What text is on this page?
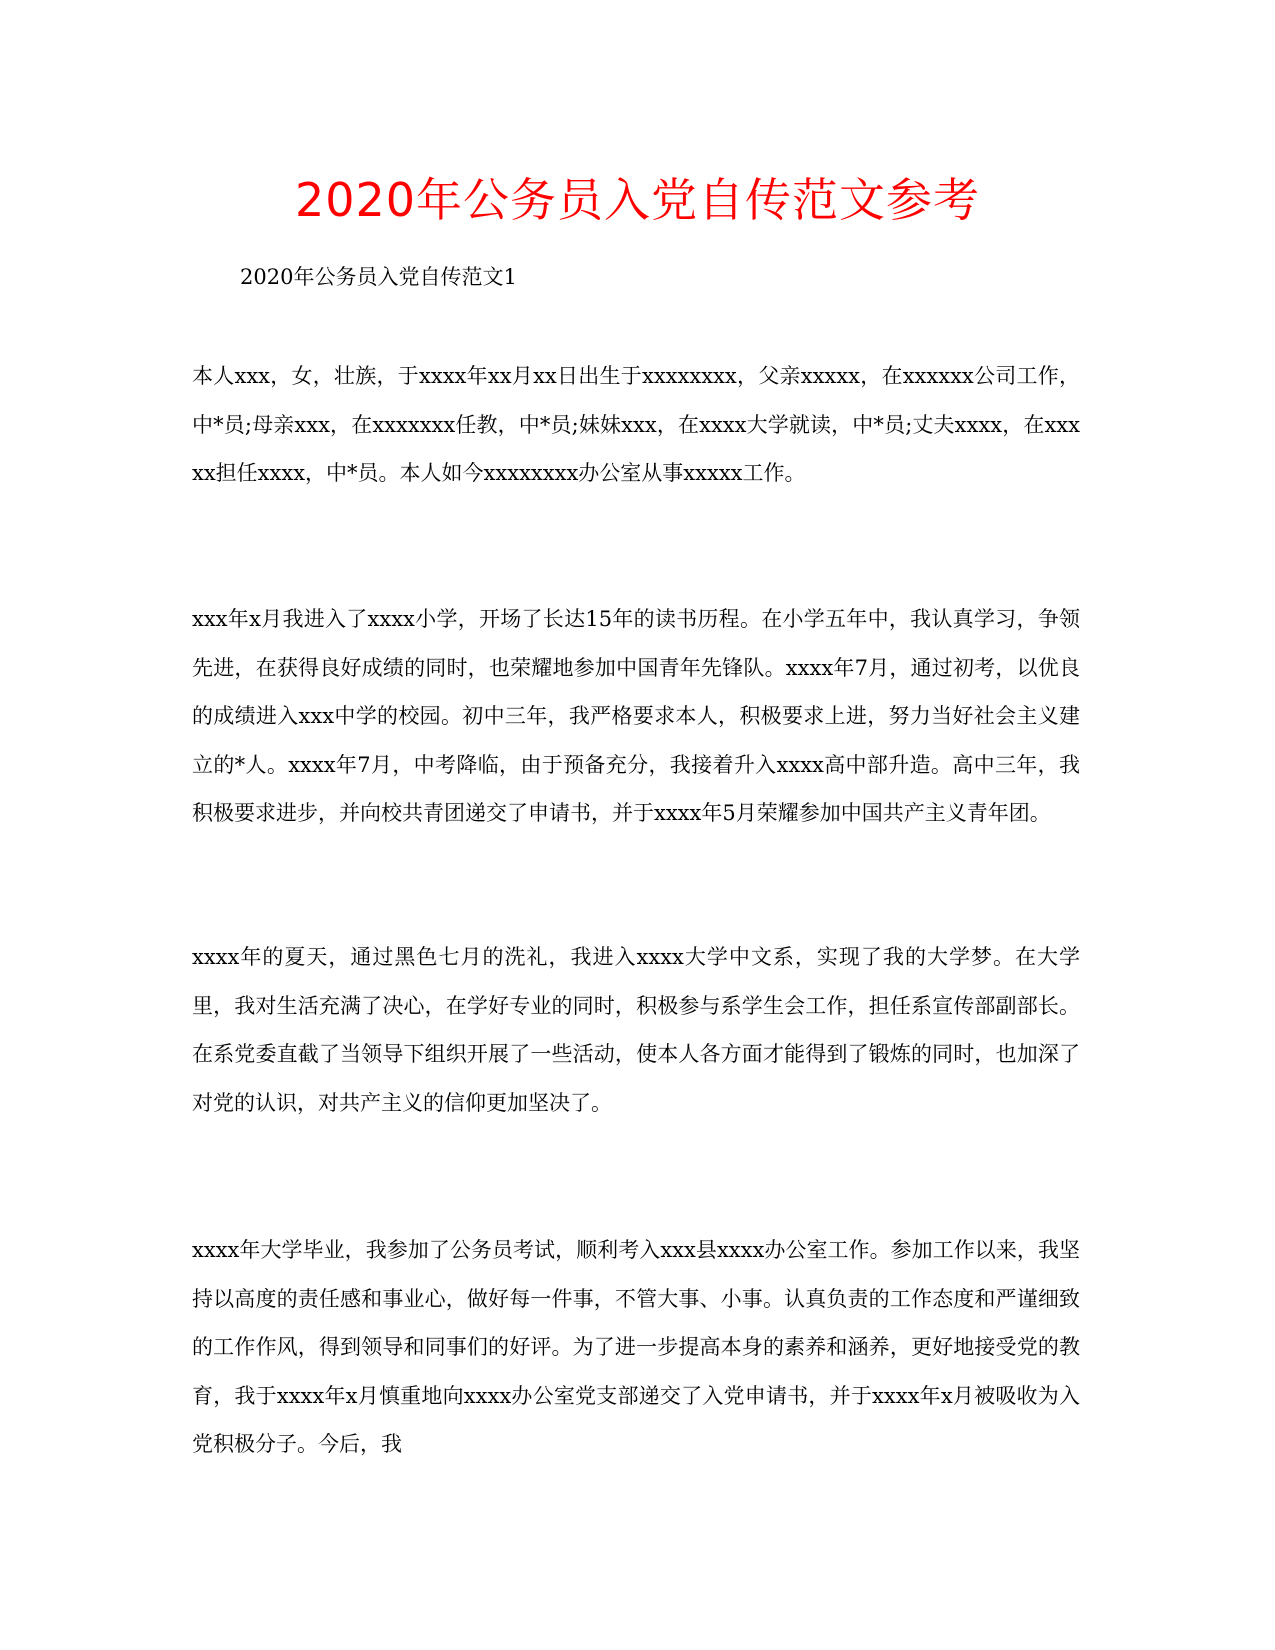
2020年公务员入党自传范文参考

2020年公务员入党自传范文1

本人xxx，女，壮族，于xxxx年xx月xx日出生于xxxxxxxx，父亲xxxxx，在xxxxxx公司工作，中*员;母亲xxx，在xxxxxxx任教，中*员;妹妹xxx，在xxxx大学就读，中*员;丈夫xxxx，在xxxxx担任xxxx，中*员。本人如今xxxxxxxx办公室从事xxxxx工作。

xxx年x月我进入了xxxx小学，开场了长达15年的读书历程。在小学五年中，我认真学习，争领先进，在获得良好成绩的同时，也荣耀地参加中国青年先锋队。xxxx年7月，通过初考，以优良的成绩进入xxx中学的校园。初中三年，我严格要求本人，积极要求上进，努力当好社会主义建立的*人。xxxx年7月，中考降临，由于预备充分，我接着升入xxxx高中部升造。高中三年，我积极要求进步，并向校共青团递交了申请书，并于xxxx年5月荣耀参加中国共产主义青年团。

xxxx年的夏天，通过黑色七月的洗礼，我进入xxxx大学中文系，实现了我的大学梦。在大学里，我对生活充满了决心，在学好专业的同时，积极参与系学生会工作，担任系宣传部副部长。在系党委直截了当领导下组织开展了一些活动，使本人各方面才能得到了锻炼的同时，也加深了对党的认识，对共产主义的信仰更加坚决了。

xxxx年大学毕业，我参加了公务员考试，顺利考入xxx县xxxx办公室工作。参加工作以来，我坚持以高度的责任感和事业心，做好每一件事，不管大事、小事。认真负责的工作态度和严谨细致的工作作风，得到领导和同事们的好评。为了进一步提高本身的素养和涵养，更好地接受党的教育，我于xxxx年x月慎重地向xxxx办公室党支部递交了入党申请书，并于xxxx年x月被吸收为入党积极分子。今后，我
